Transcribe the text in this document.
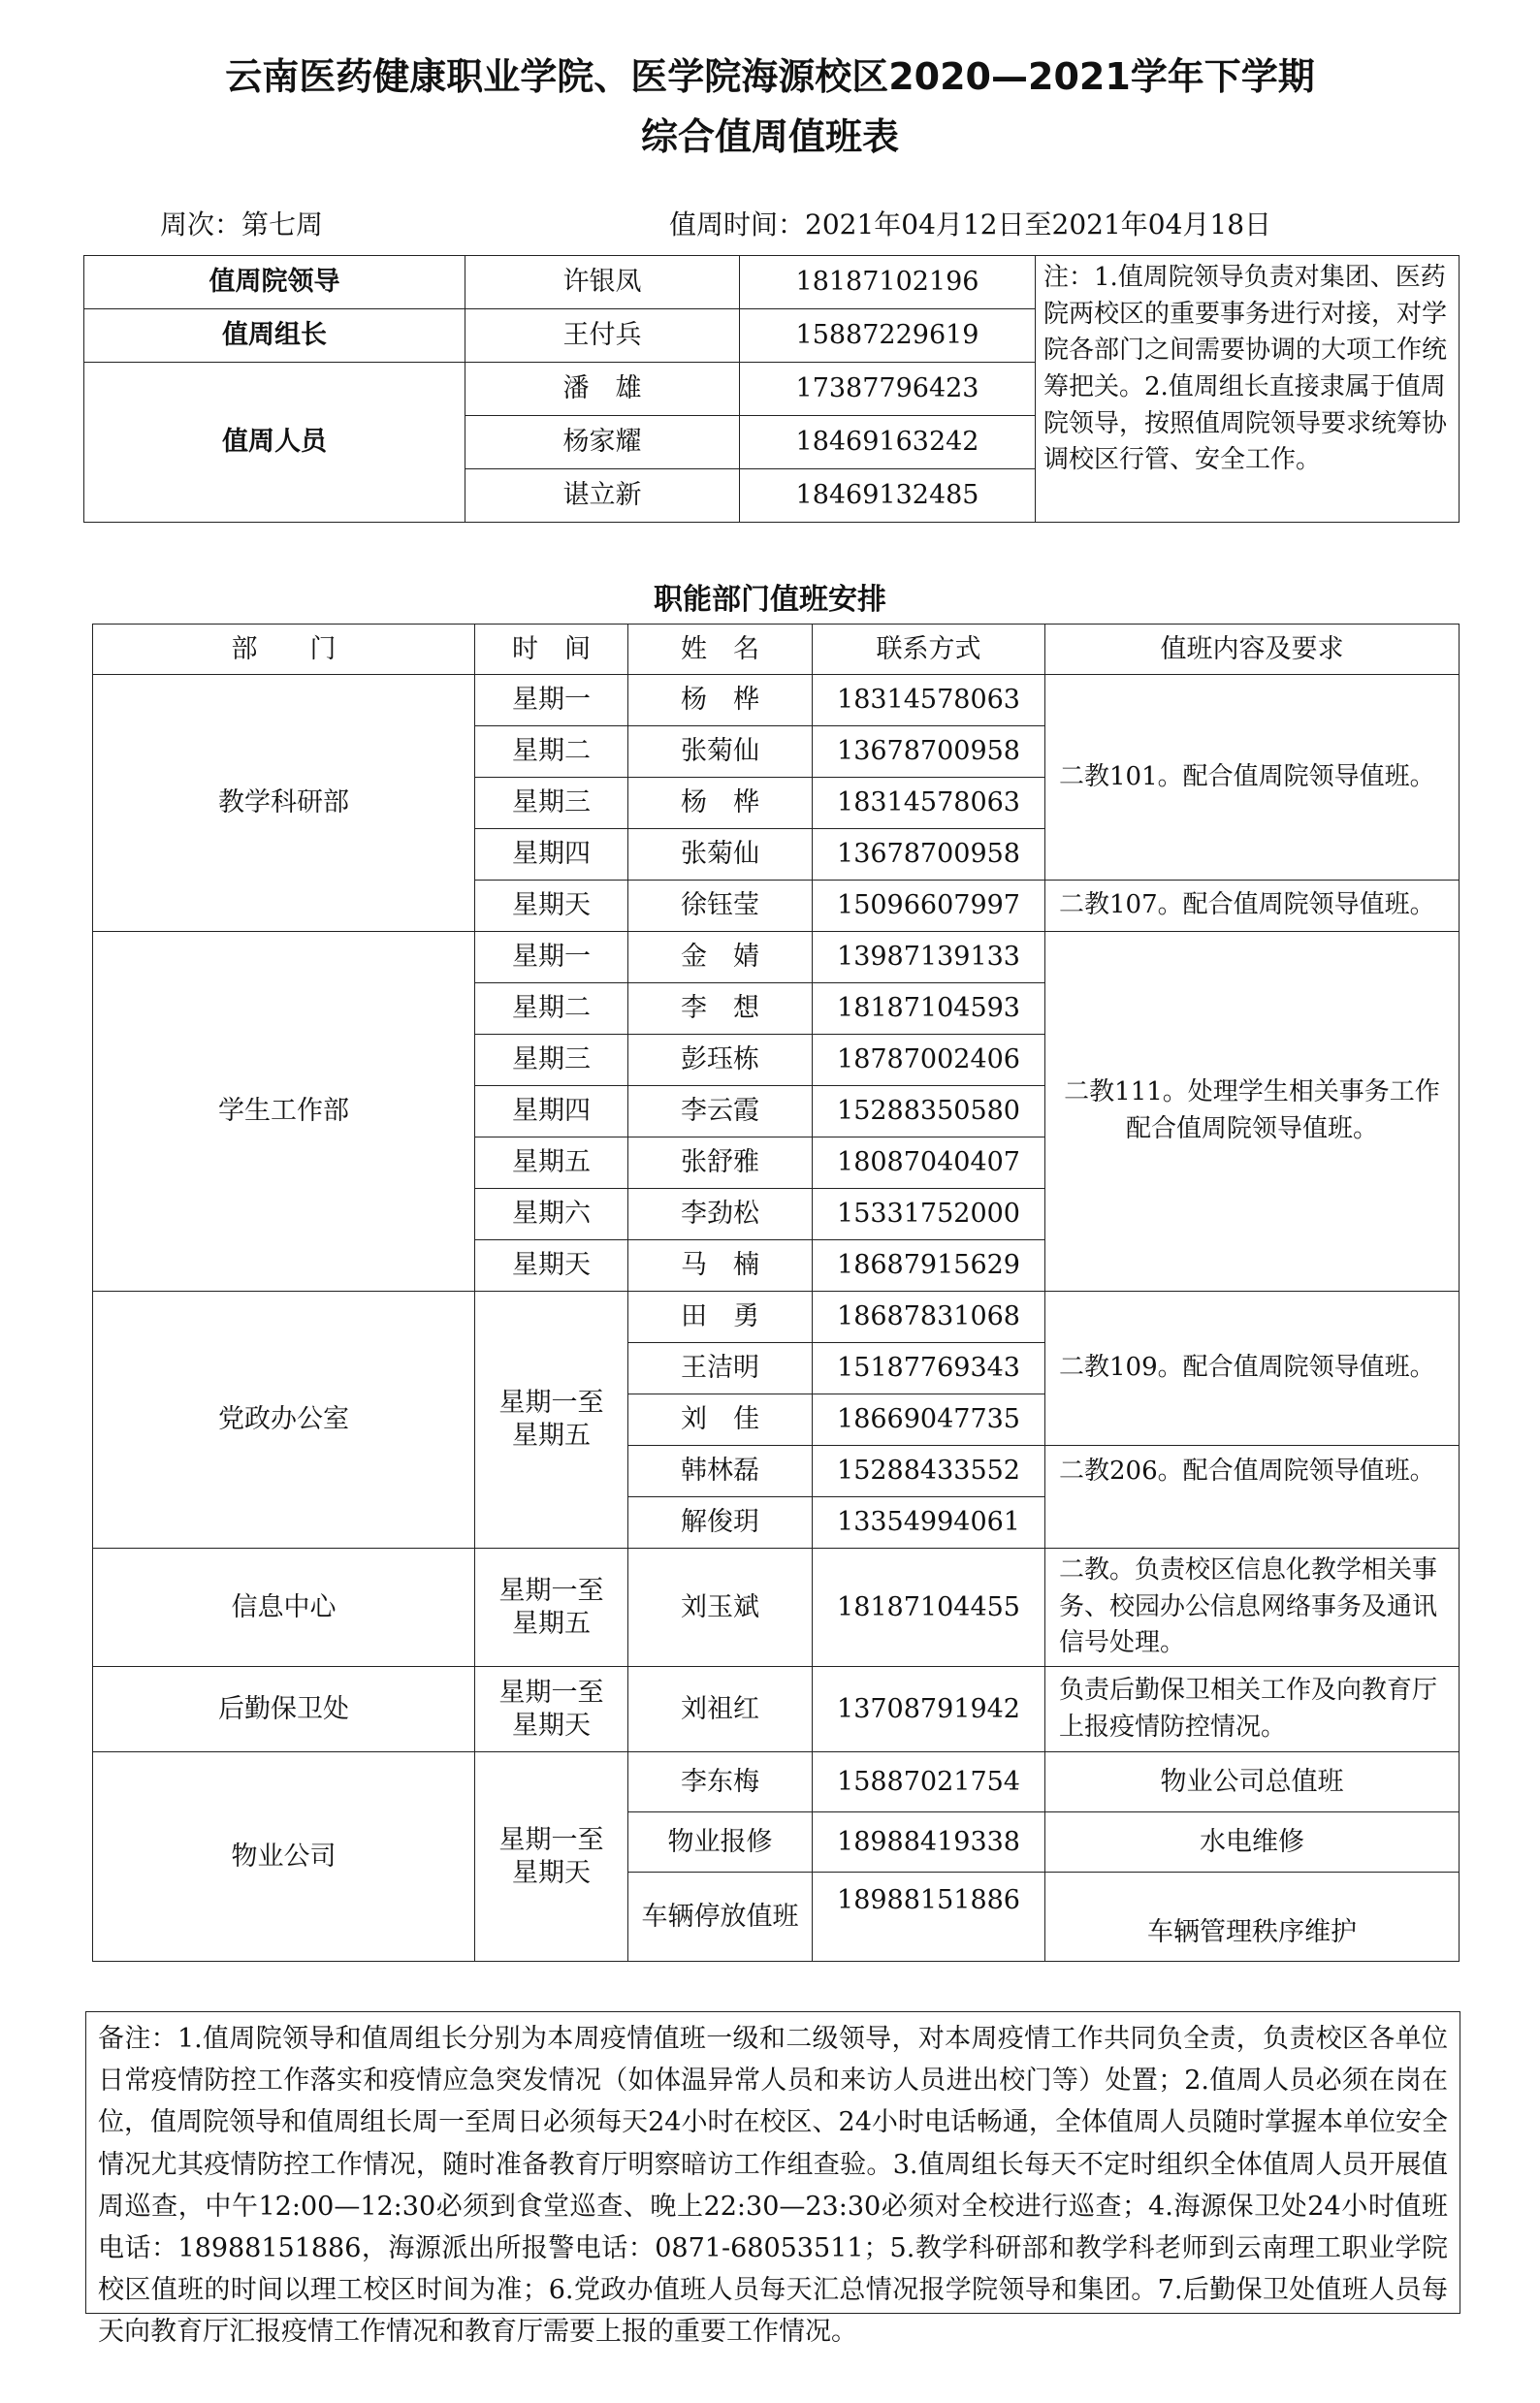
云南医药健康职业学院、医学院海源校区2020—2021学年下学期
综合值周值班表
周次：第七周	值周时间：2021年04月12日至2021年04月18日
值周院领导	许银凤	18187102196	注：1.值周院领导负责对集团、医药院两校区的重要事务进行对接，对学院各部门之间需要协调的大项工作统筹把关。2.值周组长直接隶属于值周院领导，按照值周院领导要求统筹协调校区行管、安全工作。
值周组长	王付兵	15887229619	
值周人员	潘　雄	17387796423	
	杨家耀	18469163242	
	谌立新	18469132485	
职能部门值班安排
部　　门	时　间	姓　名	联系方式	值班内容及要求
教学科研部	星期一	杨　桦	18314578063	二教101。配合值周院领导值班。
	星期二	张菊仙	13678700958	
	星期三	杨　桦	18314578063	
	星期四	张菊仙	13678700958	
	星期天	徐钰莹	15096607997	二教107。配合值周院领导值班。
学生工作部	星期一	金　婧	13987139133	二教111。处理学生相关事务工作配合值周院领导值班。
	星期二	李　想	18187104593	
	星期三	彭珏栋	18787002406	
	星期四	李云霞	15288350580	
	星期五	张舒雅	18087040407	
	星期六	李劲松	15331752000	
	星期天	马　楠	18687915629	
党政办公室	星期一至星期五	田　勇	18687831068	二教109。配合值周院领导值班。
		王洁明	15187769343	
		刘　佳	18669047735	
		韩林磊	15288433552	二教206。配合值周院领导值班。
		解俊玥	13354994061	
信息中心	星期一至星期五	刘玉斌	18187104455	二教。负责校区信息化教学相关事务、校园办公信息网络事务及通讯信号处理。
后勤保卫处	星期一至星期天	刘祖红	13708791942	负责后勤保卫相关工作及向教育厅上报疫情防控情况。
物业公司	星期一至星期天	李东梅	15887021754	物业公司总值班
		物业报修	18988419338	水电维修

		车辆停放值班	18988151886	车辆管理秩序维护
备注：1.值周院领导和值周组长分别为本周疫情值班一级和二级领导，对本周疫情工作共同负全责，负责校区各单位日常疫情防控工作落实和疫情应急突发情况（如体温异常人员和来访人员进出校门等）处置；2.值周人员必须在岗在位，值周院领导和值周组长周一至周日必须每天24小时在校区、24小时电话畅通，全体值周人员随时掌握本单位安全情况尤其疫情防控工作情况，随时准备教育厅明察暗访工作组查验。3.值周组长每天不定时组织全体值周人员开展值周巡查，中午12:00—12:30必须到食堂巡查、晚上22:30—23:30必须对全校进行巡查；4.海源保卫处24小时值班电话：18988151886，海源派出所报警电话：0871-68053511；5.教学科研部和教学科老师到云南理工职业学院校区值班的时间以理工校区时间为准；6.党政办值班人员每天汇总情况报学院领导和集团。7.后勤保卫处值班人员每天向教育厅汇报疫情工作情况和教育厅需要上报的重要工作情况。
